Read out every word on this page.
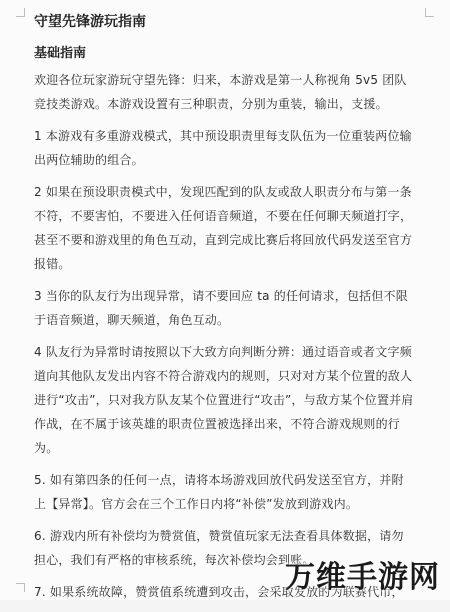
守望先锋游玩指南
基础指南

欢迎各位玩家游玩守望先锋：归来，本游戏是第一人称视角 5v5 团队竞技类游戏。本游戏设置有三种职责，分别为重装，输出，支援。

1 本游戏有多重游戏模式，其中预设职责里每支队伍为一位重装两位输出两位辅助的组合。

2 如果在预设职责模式中，发现匹配到的队友或敌人职责分布与第一条不符，不要害怕，不要进入任何语音频道，不要在任何聊天频道打字，甚至不要和游戏里的角色互动，直到完成比赛后将回放代码发送至官方报错。

3 当你的队友行为出现异常，请不要回应 ta 的任何请求，包括但不限于语音频道，聊天频道，角色互动。

4 队友行为异常时请按照以下大致方向判断分辨：通过语音或者文字频道向其他队友发出内容不符合游戏内的规则，只对对方某个位置的敌人进行“攻击”，只对我方队友某个位置进行“攻击”，与敌方某个位置并肩作战，在不属于该英雄的职责位置被选择出来，不符合游戏规则的行为。

5. 如有第四条的任何一点，请将本场游戏回放代码发送至官方，并附上【异常】。官方会在三个工作日内将“补偿”发放到游戏内。

6. 游戏内所有补偿均为赞赏值，赞赏值玩家无法查看具体数据，请勿担心，我们有严格的审核系统，每次补偿均会到账。

7. 如果系统故障，赞赏值系统遭到攻击，会采取发放的为联赛代币，

万维手游网
